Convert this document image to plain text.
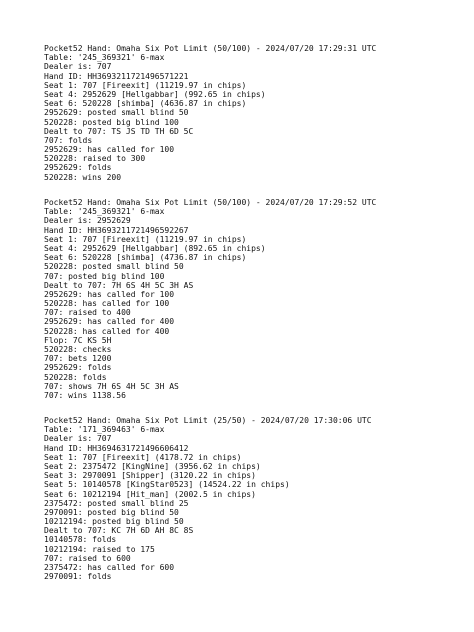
Pocket52 Hand: Omaha Six Pot Limit (50/100) - 2024/07/20 17:29:31 UTC
Table: '245_369321' 6-max
Dealer is: 707
Hand ID: HH3693211721496571221
Seat 1: 707 [Fireexit] (11219.97 in chips)
Seat 4: 2952629 [Hellgabbar] (992.65 in chips)
Seat 6: 520228 [shimba] (4636.87 in chips)
2952629: posted small blind 50
520228: posted big blind 100
Dealt to 707: TS JS TD TH 6D 5C
707: folds
2952629: has called for 100
520228: raised to 300
2952629: folds
520228: wins 200
Pocket52 Hand: Omaha Six Pot Limit (50/100) - 2024/07/20 17:29:52 UTC
Table: '245_369321' 6-max
Dealer is: 2952629
Hand ID: HH3693211721496592267
Seat 1: 707 [Fireexit] (11219.97 in chips)
Seat 4: 2952629 [Hellgabbar] (892.65 in chips)
Seat 6: 520228 [shimba] (4736.87 in chips)
520228: posted small blind 50
707: posted big blind 100
Dealt to 707: 7H 6S 4H 5C 3H AS
2952629: has called for 100
520228: has called for 100
707: raised to 400
2952629: has called for 400
520228: has called for 400
Flop: 7C KS 5H
520228: checks
707: bets 1200
2952629: folds
520228: folds
707: shows 7H 6S 4H 5C 3H AS
707: wins 1138.56
Pocket52 Hand: Omaha Six Pot Limit (25/50) - 2024/07/20 17:30:06 UTC
Table: '171_369463' 6-max
Dealer is: 707
Hand ID: HH3694631721496606412
Seat 1: 707 [Fireexit] (4178.72 in chips)
Seat 2: 2375472 [KingNine] (3956.62 in chips)
Seat 3: 2970091 [Shipper] (3120.22 in chips)
Seat 5: 10140578 [KingStar0523] (14524.22 in chips)
Seat 6: 10212194 [Hit_man] (2002.5 in chips)
2375472: posted small blind 25
2970091: posted big blind 50
10212194: posted big blind 50
Dealt to 707: KC 7H 6D AH 8C 8S
10140578: folds
10212194: raised to 175
707: raised to 600
2375472: has called for 600
2970091: folds
